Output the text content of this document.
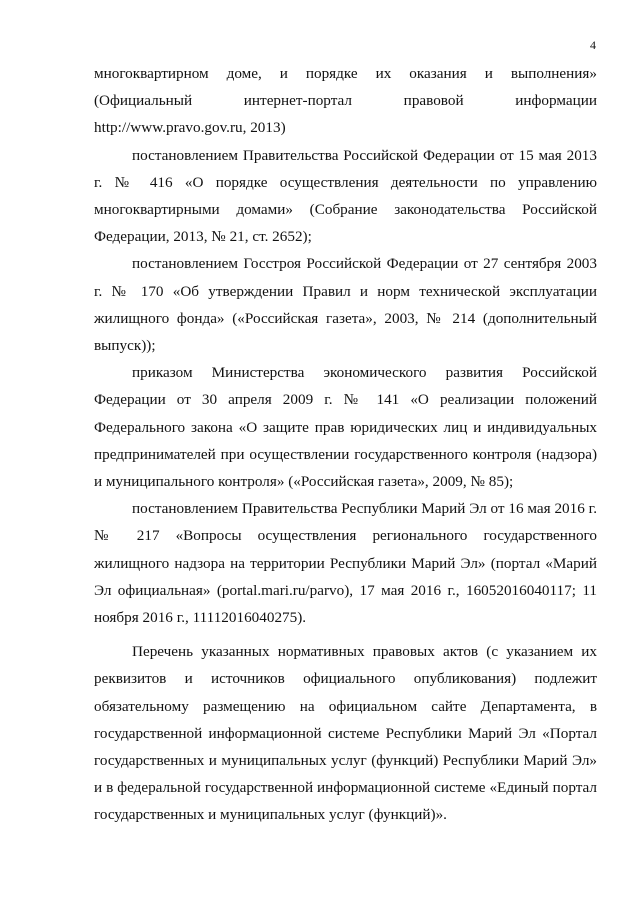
4

многоквартирном доме, и порядке их оказания и выполнения» (Официальный интернет-портал правовой информации http://www.pravo.gov.ru, 2013)

постановлением Правительства Российской Федерации от 15 мая 2013 г. № 416 «О порядке осуществления деятельности по управлению многоквартирными домами» (Собрание законодательства Российской Федерации, 2013, № 21, ст. 2652);

постановлением Госстроя Российской Федерации от 27 сентября 2003 г. № 170 «Об утверждении Правил и норм технической эксплуатации жилищного фонда» («Российская газета», 2003, № 214 (дополнительный выпуск));

приказом Министерства экономического развития Российской Федерации от 30 апреля 2009 г. № 141 «О реализации положений Федерального закона «О защите прав юридических лиц и индивидуальных предпринимателей при осуществлении государственного контроля (надзора) и муниципального контроля» («Российская газета», 2009, № 85);

постановлением Правительства Республики Марий Эл от 16 мая 2016 г. № 217 «Вопросы осуществления регионального государственного жилищного надзора на территории Республики Марий Эл» (портал «Марий Эл официальная» (portal.mari.ru/parvo), 17 мая 2016 г., 16052016040117; 11 ноября 2016 г., 11112016040275).

Перечень указанных нормативных правовых актов (с указанием их реквизитов и источников официального опубликования) подлежит обязательному размещению на официальном сайте Департамента, в государственной информационной системе Республики Марий Эл «Портал государственных и муниципальных услуг (функций) Республики Марий Эл» и в федеральной государственной информационной системе «Единый портал государственных и муниципальных услуг (функций)».
